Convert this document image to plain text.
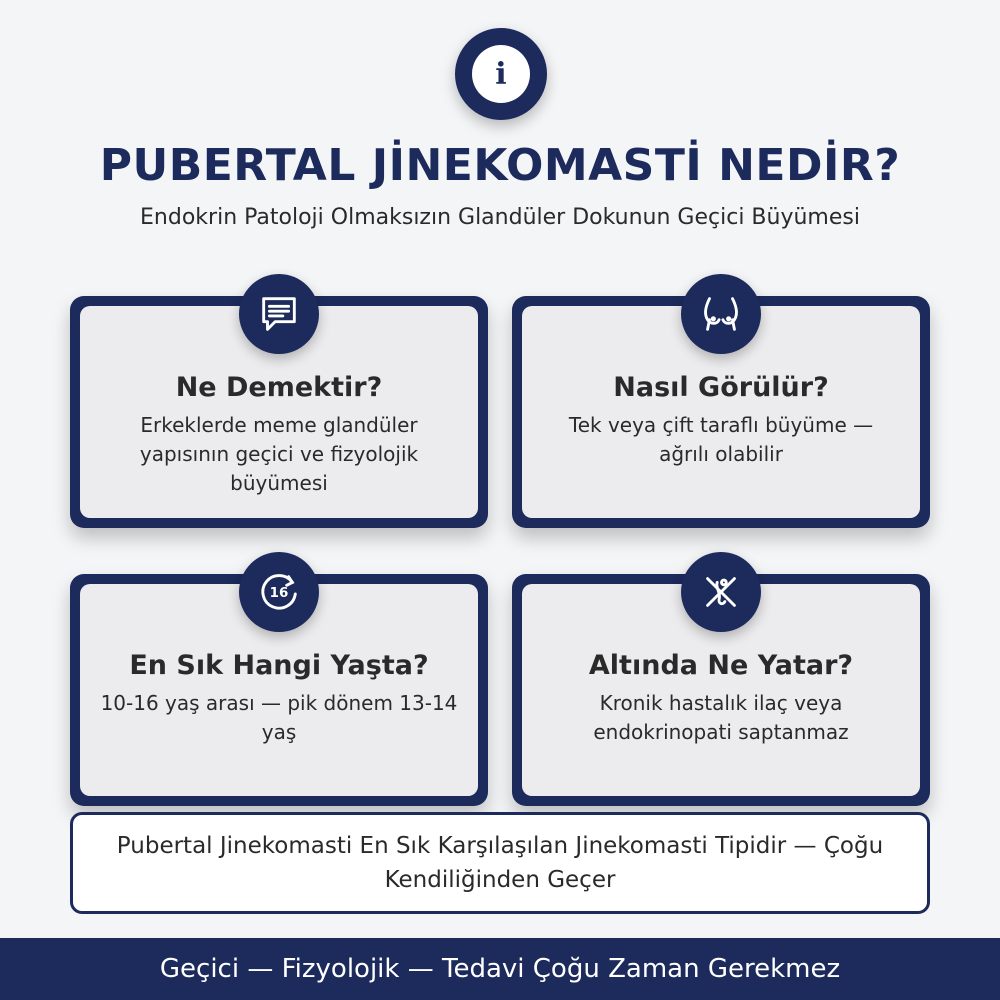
i
PUBERTAL JİNEKOMASTİ NEDİR?
Endokrin Patoloji Olmaksızın Glandüler Dokunun Geçici Büyümesi
Ne Demektir?
Erkeklerde meme glandüler yapısının geçici ve fizyolojik büyümesi
Nasıl Görülür?
Tek veya çift taraflı büyüme — ağrılı olabilir
16
En Sık Hangi Yaşta?
10-16 yaş arası — pik dönem 13-14 yaş
Altında Ne Yatar?
Kronik hastalık ilaç veya endokrinopati saptanmaz
Pubertal Jinekomasti En Sık Karşılaşılan Jinekomasti Tipidir — Çoğu Kendiliğinden Geçer
Geçici — Fizyolojik — Tedavi Çoğu Zaman Gerekmez
